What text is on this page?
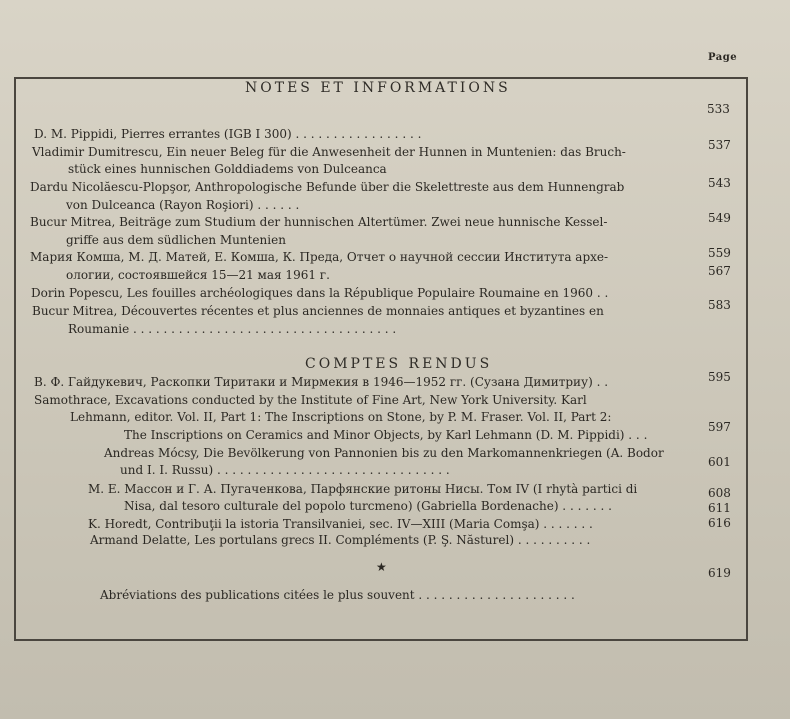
Page
NOTES ET INFORMATIONS
D. M. Pippidi, Pierres errantes (IGB I 300) . . . . . . . . . . . . . . . . .
533
Vladimir Dumitrescu, Ein neuer Beleg für die Anwesenheit der Hunnen in Muntenien: das Bruch-
stück eines hunnischen Golddiadems von Dulceanca
537
Dardu Nicolăescu-Plopşor, Anthropologische Befunde über die Skelettreste aus dem Hunnengrab
von Dulceanca (Rayon Roşiori) . . . . . .
543
Bucur Mitrea, Beiträge zum Studium der hunnischen Altertümer. Zwei neue hunnische Kessel-
griffe aus dem südlichen Muntenien
549
Мария Комша, М. Д. Матей, Е. Комша, К. Преда, Отчет о научной сессии Института архе-
ологии, состоявшейся 15—21 мая 1961 г.
559
Dorin Popescu, Les fouilles archéologiques dans la République Populaire Roumaine en 1960 . .
567
Bucur Mitrea, Découvertes récentes et plus anciennes de monnaies antiques et byzantines en
Roumanie . . . . . . . . . . . . . . . . . . . . . . . . . . . . . . . . . . .
583
COMPTES RENDUS
В. Ф. Гайдукевич, Раскопки Тиритаки и Мирмекия в 1946—1952 гг. (Сузана Димитриу) . .	595
Samothrace, Excavations conducted by the Institute of Fine Art, New York University. Karl
Lehmann, editor. Vol. II, Part 1: The Inscriptions on Stone, by P. M. Fraser. Vol. II, Part 2:
The Inscriptions on Ceramics and Minor Objects, by Karl Lehmann (D. M. Pippidi) . . .
597
Andreas Mócsy, Die Bevölkerung von Pannonien bis zu den Markomannenkriegen (A. Bodor
und I. I. Russu) . . . . . . . . . . . . . . . . . . . . . . . . . . . . . . .
601
М. Е. Массон и Г. А. Пугаченкова, Парфянские ритоны Нисы. Том IV (I rhytà partici di
Nisa, dal tesoro culturale del popolo turcmeno) (Gabriella Bordenache) . . . . . . .
608
K. Horedt, Contribuţii la istoria Transilvaniei, sec. IV—XIII (Maria Comşa) . . . . . . .
611
Armand Delatte, Les portulans grecs II. Compléments (P. Ş. Năsturel) . . . . . . . . . .
616
★
Abréviations des publications citées le plus souvent . . . . . . . . . . . . . . . . . . . . .
619
